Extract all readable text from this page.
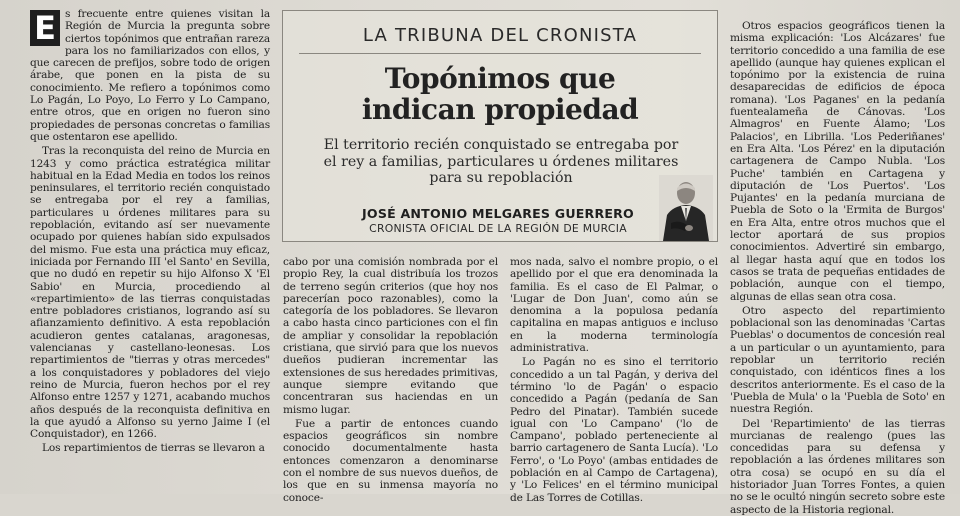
E s frecuente entre quienes visitan la Región de Murcia la pregunta sobre ciertos topónimos que entrañan rareza para los no familiarizados con ellos, y que carecen de prefijos, sobre todo de origen árabe, que ponen en la pista de su conocimiento. Me refiero a topónimos como Lo Pagán, Lo Poyo, Lo Ferro y Lo Campano, entre otros, que en origen no fueron sino propiedades de personas concretas o familias que ostentaron ese apellido.

Tras la reconquista del reino de Murcia en 1243 y como práctica estratégica militar habitual en la Edad Media en todos los reinos peninsulares, el territorio recién conquistado se entregaba por el rey a familias, particulares u órdenes militares para su repoblación, evitando así ser nuevamente ocupado por quienes habían sido expulsados del mismo. Fue esta una práctica muy eficaz, iniciada por Fernando III 'el Santo' en Sevilla, que no dudó en repetir su hijo Alfonso X 'El Sabio' en Murcia, procediendo al «repartimiento» de las tierras conquistadas entre pobladores cristianos, logrando así su afianzamiento definitivo. A esta repoblación acudieron gentes catalanas, aragonesas, valencianas y castellano-leonesas. Los repartimientos de "tierras y otras mercedes" a los conquistadores y pobladores del viejo reino de Murcia, fueron hechos por el rey Alfonso entre 1257 y 1271, acabando muchos años después de la reconquista definitiva en la que ayudó a Alfonso su yerno Jaime I (el Conquistador), en 1266.

Los repartimientos de tierras se llevaron a

LA TRIBUNA DEL CRONISTA
Topónimos que
indican propiedad
El territorio recién conquistado se entregaba por el rey a familias, particulares u órdenes militares para su repoblación
JOSÉ ANTONIO MELGARES GUERRERO
CRONISTA OFICIAL DE LA REGIÓN DE MURCIA

cabo por una comisión nombrada por el propio Rey, la cual distribuía los trozos de terreno según criterios (que hoy nos parecerían poco razonables), como la categoría de los pobladores. Se llevaron a cabo hasta cinco particiones con el fin de ampliar y consolidar la repoblación cristiana, que sirvió para que los nuevos dueños pudieran incrementar las extensiones de sus heredades primitivas, aunque siempre evitando que concentraran sus haciendas en un mismo lugar.

Fue a partir de entonces cuando espacios geográficos sin nombre conocido documentalmente hasta entonces comenzaron a denominarse con el nombre de sus nuevos dueños, de los que en su inmensa mayoría no conoce-

mos nada, salvo el nombre propio, o el apellido por el que era denominada la familia. Es el caso de El Palmar, o 'Lugar de Don Juan', como aún se denomina a la populosa pedanía capitalina en mapas antiguos e incluso en la moderna terminología administrativa.

Lo Pagán no es sino el territorio concedido a un tal Pagán, y deriva del término 'lo de Pagán' o espacio concedido a Pagán (pedanía de San Pedro del Pinatar). También sucede igual con 'Lo Campano' ('lo de Campano', poblado perteneciente al barrio cartagenero de Santa Lucía). 'Lo Ferro', o 'Lo Poyo' (ambas entidades de población en al Campo de Cartagena), y 'Lo Felices' en el término municipal de Las Torres de Cotillas.

Otros espacios geográficos tienen la misma explicación: 'Los Alcázares' fue territorio concedido a una familia de ese apellido (aunque hay quienes explican el topónimo por la existencia de ruina desaparecidas de edificios de época romana). 'Los Paganes' en la pedanía fuentealameña de Cánovas. 'Los Almagros' en Fuente Álamo; 'Los Palacios', en Librilla. 'Los Pederiñanes' en Era Alta. 'Los Pérez' en la diputación cartagenera de Campo Nubla. 'Los Puche' también en Cartagena y diputación de 'Los Puertos'. 'Los Pujantes' en la pedanía murciana de Puebla de Soto o la 'Ermita de Burgos' en Era Alta, entre otros muchos que el lector aportará de sus propios conocimientos. Advertiré sin embargo, al llegar hasta aquí que en todos los casos se trata de pequeñas entidades de población, aunque con el tiempo, algunas de ellas sean otra cosa.

Otro aspecto del repartimiento poblacional son las denominadas 'Cartas Pueblas' o documentos de concesión real a un particular o un ayuntamiento, para repoblar un territorio recién conquistado, con idénticos fines a los descritos anteriormente. Es el caso de la 'Puebla de Mula' o la 'Puebla de Soto' en nuestra Región.

Del 'Repartimiento' de las tierras murcianas de realengo (pues las concedidas para su defensa y repoblación a las órdenes militares son otra cosa) se ocupó en su día el historiador Juan Torres Fontes, a quien no se le ocultó ningún secreto sobre este aspecto de la Historia regional.
